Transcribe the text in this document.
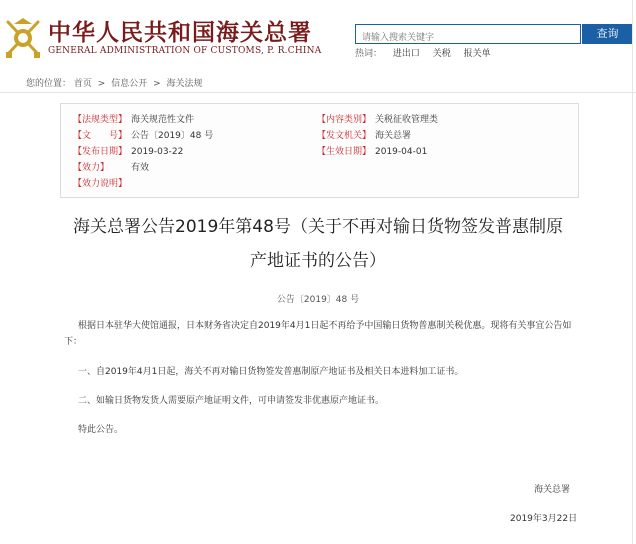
中华人民共和国海关总署
GENERAL ADMINISTRATION OF CUSTOMS, P. R.CHINA
请输入搜索关键字
查询
热词： 进出口 关税 报关单
您的位置： 首页 > 信息公开 > 海关法规
【法规类型】 海关规范性文件	【内容类别】 关税征收管理类
【文　　号】 公告〔2019〕48 号	【发文机关】 海关总署
【发布日期】 2019-03-22	【生效日期】 2019-04-01
【效力】 有效
【效力说明】
海关总署公告2019年第48号（关于不再对输日货物签发普惠制原
产地证书的公告）
公告〔2019〕48 号
根据日本驻华大使馆通报，日本财务省决定自2019年4月1日起不再给予中国输日货物普惠制关税优惠。现将有关事宜公告如下：
一、自2019年4月1日起，海关不再对输日货物签发普惠制原产地证书及相关日本进料加工证书。
二、如输日货物发货人需要原产地证明文件，可申请签发非优惠原产地证书。
特此公告。
海关总署
2019年3月22日
